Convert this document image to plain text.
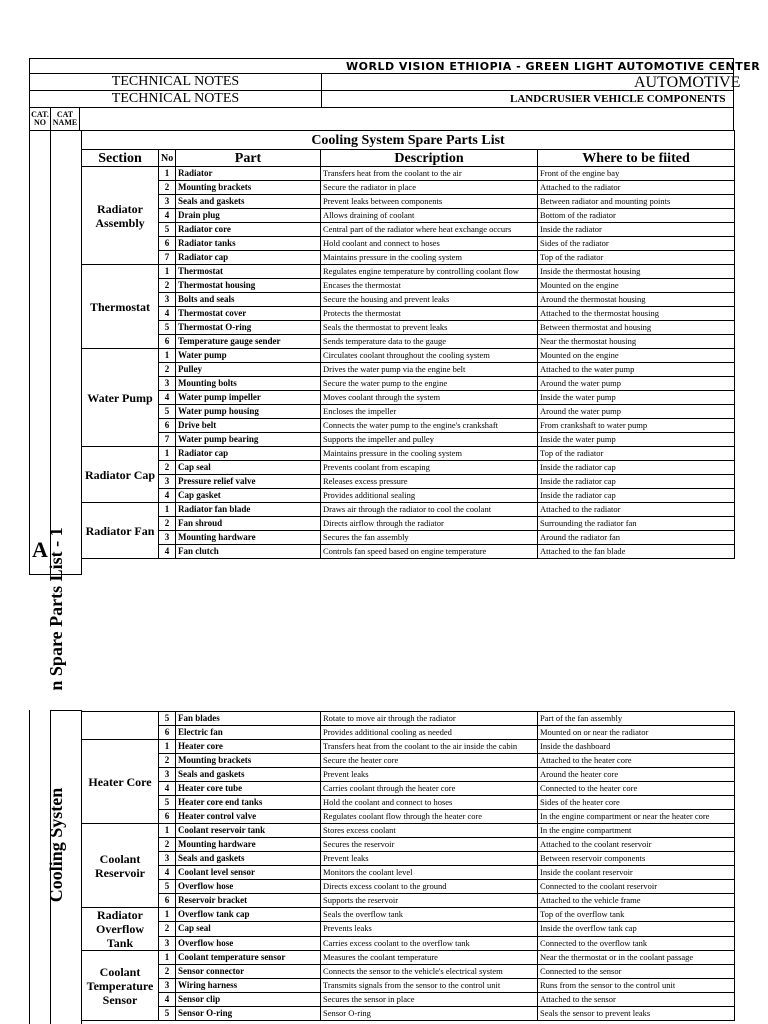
WORLD VISION ETHIOPIA - GREEN LIGHT AUTOMOTIVE CENTER
TECHNICAL NOTES	AUTOMOTIVE
TECHNICAL NOTES	LANDCRUSIER VEHICLE COMPONENTS
CAT. NO
CAT NAME
A
n Spare Parts List - 1
Cooling System Spare Parts List				
Section	No	Part	Description	Where to be fiited
Radiator Assembly	1	Radiator	Transfers heat from the coolant to the air	Front of the engine bay
	2	Mounting brackets	Secure the radiator in place	Attached to the radiator
	3	Seals and gaskets	Prevent leaks between components	Between radiator and mounting points
	4	Drain plug	Allows draining of coolant	Bottom of the radiator
	5	Radiator core	Central part of the radiator where heat exchange occurs	Inside the radiator
	6	Radiator tanks	Hold coolant and connect to hoses	Sides of the radiator
	7	Radiator cap	Maintains pressure in the cooling system	Top of the radiator
Thermostat	1	Thermostat	Regulates engine temperature by controlling coolant flow	Inside the thermostat housing
	2	Thermostat housing	Encases the thermostat	Mounted on the engine
	3	Bolts and seals	Secure the housing and prevent leaks	Around the thermostat housing
	4	Thermostat cover	Protects the thermostat	Attached to the thermostat housing
	5	Thermostat O-ring	Seals the thermostat to prevent leaks	Between thermostat and housing
	6	Temperature gauge sender	Sends temperature data to the gauge	Near the thermostat housing
Water Pump	1	Water pump	Circulates coolant throughout the cooling system	Mounted on the engine
	2	Pulley	Drives the water pump via the engine belt	Attached to the water pump
	3	Mounting bolts	Secure the water pump to the engine	Around the water pump
	4	Water pump impeller	Moves coolant through the system	Inside the water pump
	5	Water pump housing	Encloses the impeller	Around the water pump
	6	Drive belt	Connects the water pump to the engine's crankshaft	From crankshaft to water pump
	7	Water pump bearing	Supports the impeller and pulley	Inside the water pump
Radiator Cap	1	Radiator cap	Maintains pressure in the cooling system	Top of the radiator
	2	Cap seal	Prevents coolant from escaping	Inside the radiator cap
	3	Pressure relief valve	Releases excess pressure	Inside the radiator cap
	4	Cap gasket	Provides additional sealing	Inside the radiator cap
Radiator Fan	1	Radiator fan blade	Draws air through the radiator to cool the coolant	Attached to the radiator
	2	Fan shroud	Directs airflow through the radiator	Surrounding the radiator fan
	3	Mounting hardware	Secures the fan assembly	Around the radiator fan
	4	Fan clutch	Controls fan speed based on engine temperature	Attached to the fan blade
Cooling Systen
	5	Fan blades	Rotate to move air through the radiator	Part of the fan assembly
	6	Electric fan	Provides additional cooling as needed	Mounted on or near the radiator
Heater Core	1	Heater core	Transfers heat from the coolant to the air inside the cabin	Inside the dashboard
	2	Mounting brackets	Secure the heater core	Attached to the heater core
	3	Seals and gaskets	Prevent leaks	Around the heater core
	4	Heater core tube	Carries coolant through the heater core	Connected to the heater core
	5	Heater core end tanks	Hold the coolant and connect to hoses	Sides of the heater core
	6	Heater control valve	Regulates coolant flow through the heater core	In the engine compartment or near the heater core
Coolant Reservoir	1	Coolant reservoir tank	Stores excess coolant	In the engine compartment
	2	Mounting hardware	Secures the reservoir	Attached to the coolant reservoir
	3	Seals and gaskets	Prevent leaks	Between reservoir components
	4	Coolant level sensor	Monitors the coolant level	Inside the coolant reservoir
	5	Overflow hose	Directs excess coolant to the ground	Connected to the coolant reservoir
	6	Reservoir bracket	Supports the reservoir	Attached to the vehicle frame
Radiator Overflow Tank	1	Overflow tank cap	Seals the overflow tank	Top of the overflow tank
	2	Cap seal	Prevents leaks	Inside the overflow tank cap
	3	Overflow hose	Carries excess coolant to the overflow tank	Connected to the overflow tank
Coolant Temperature Sensor	1	Coolant temperature sensor	Measures the coolant temperature	Near the thermostat or in the coolant passage
	2	Sensor connector	Connects the sensor to the vehicle's electrical system	Connected to the sensor
	3	Wiring harness	Transmits signals from the sensor to the control unit	Runs from the sensor to the control unit
	4	Sensor clip	Secures the sensor in place	Attached to the sensor
	5	Sensor O-ring	Sensor O-ring	Seals the sensor to prevent leaks
